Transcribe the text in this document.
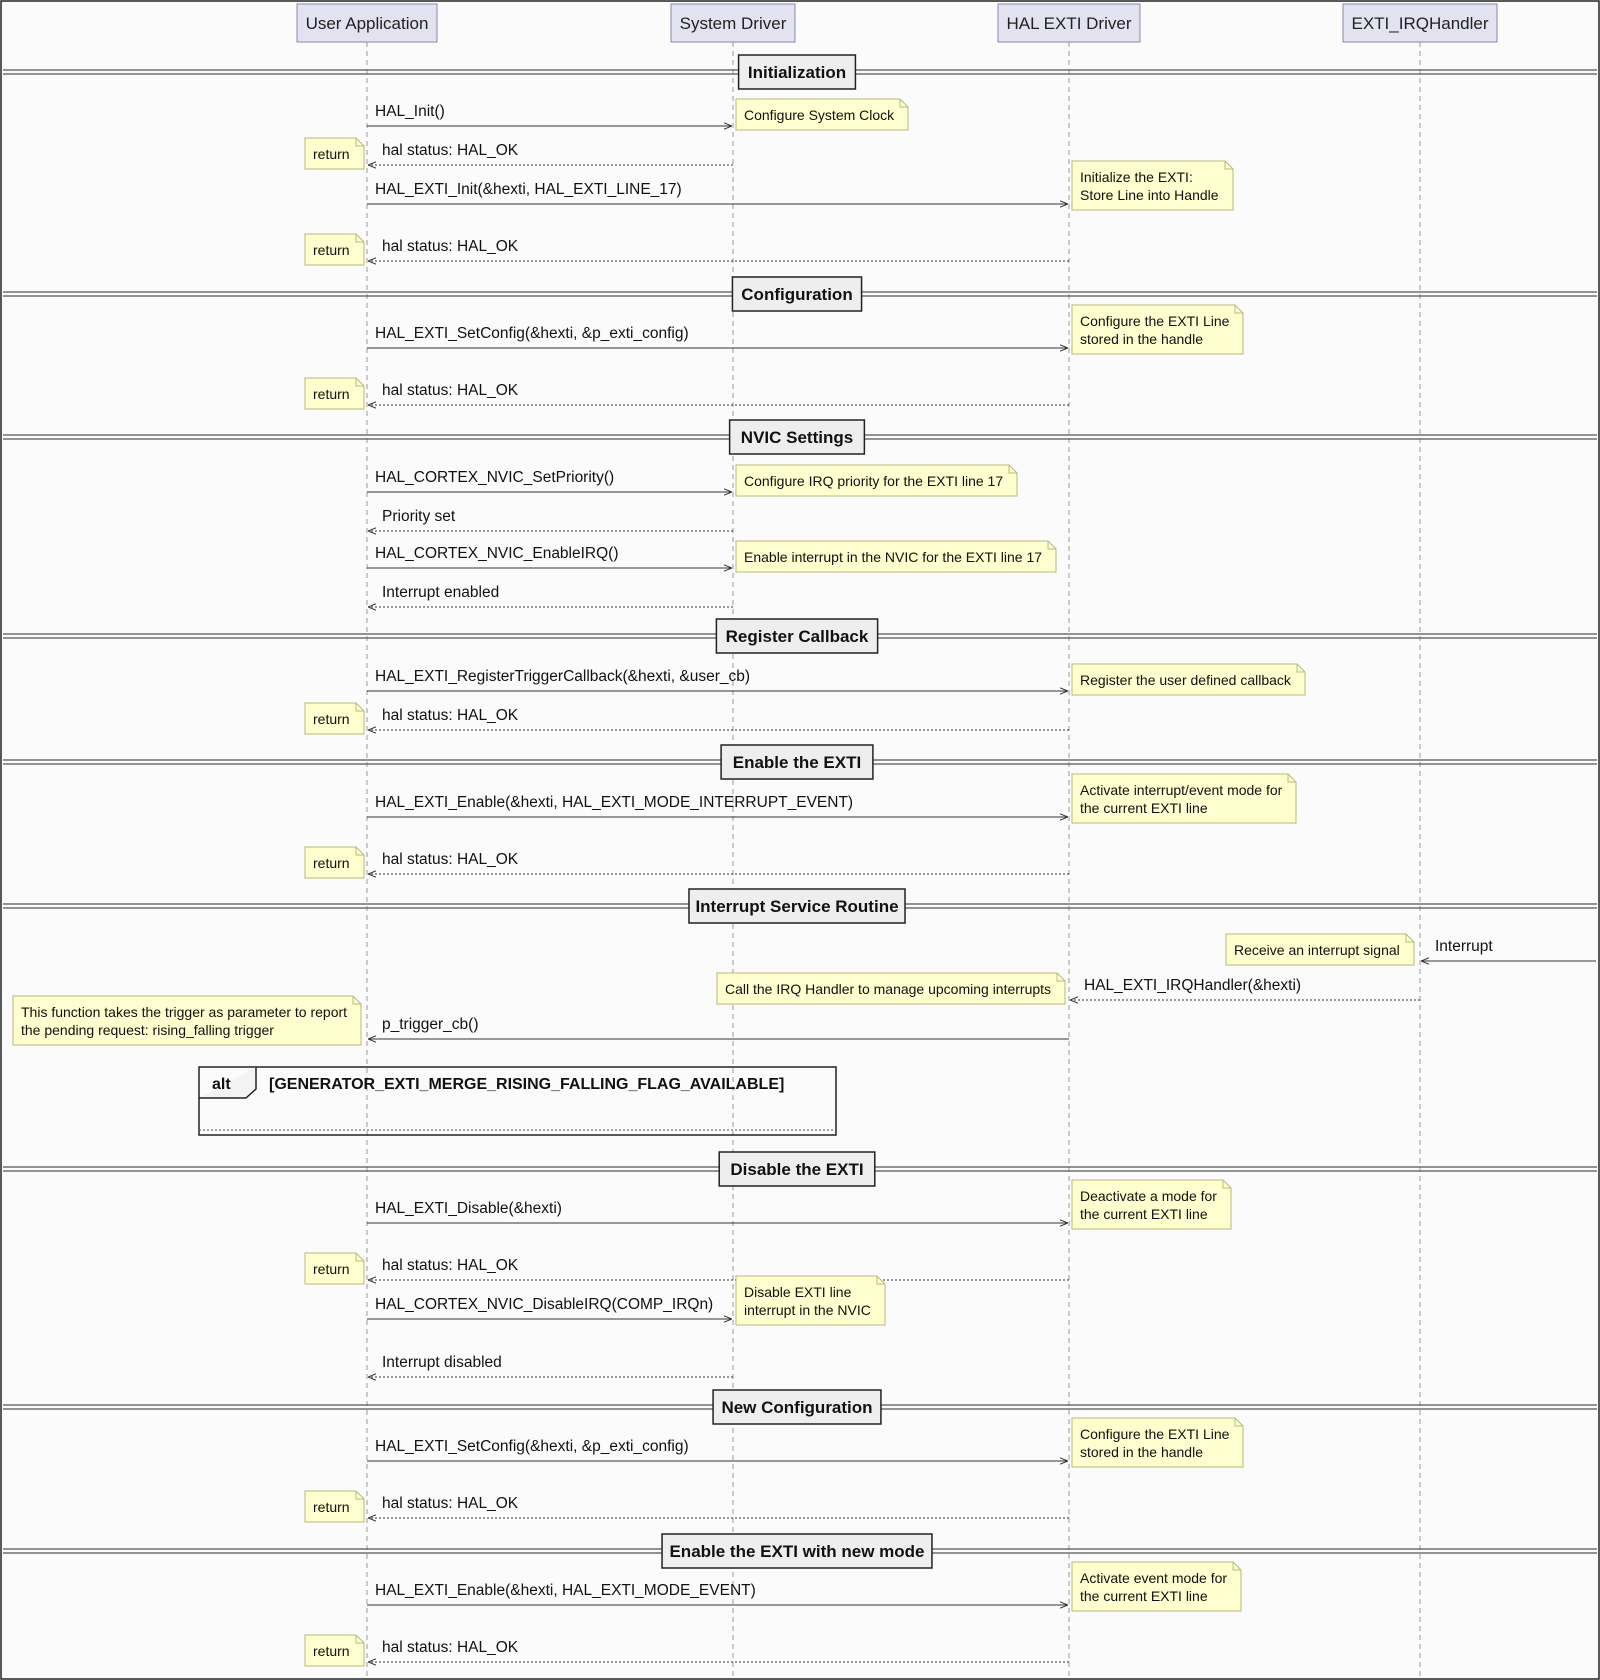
User Application	System Driver	HAL EXTI Driver	EXTI_IRQHandler
Initialization
HAL_Init()	Configure System Clock
hal status: HAL_OK
return
HAL_EXTI_Init(&hexti, HAL_EXTI_LINE_17)
Initialize the EXTI:
Store Line into Handle
hal status: HAL_OK
return
Configuration
HAL_EXTI_SetConfig(&hexti, &p_exti_config)
Configure the EXTI Line
stored in the handle
hal status: HAL_OK
return
NVIC Settings
HAL_CORTEX_NVIC_SetPriority()	Configure IRQ priority for the EXTI line 17
Priority set
HAL_CORTEX_NVIC_EnableIRQ()	Enable interrupt in the NVIC for the EXTI line 17
Interrupt enabled
Register Callback
HAL_EXTI_RegisterTriggerCallback(&hexti, &user_cb)	Register the user defined callback
hal status: HAL_OK
return
Enable the EXTI
HAL_EXTI_Enable(&hexti, HAL_EXTI_MODE_INTERRUPT_EVENT)
Activate interrupt/event mode for
the current EXTI line
hal status: HAL_OK
return
Interrupt Service Routine
Interrupt
Receive an interrupt signal
HAL_EXTI_IRQHandler(&hexti)
Call the IRQ Handler to manage upcoming interrupts
p_trigger_cb()
This function takes the trigger as parameter to report
the pending request: rising_falling trigger
alt [GENERATOR_EXTI_MERGE_RISING_FALLING_FLAG_AVAILABLE]
Disable the EXTI
HAL_EXTI_Disable(&hexti)
Deactivate a mode for
the current EXTI line
hal status: HAL_OK
return
HAL_CORTEX_NVIC_DisableIRQ(COMP_IRQn)
Disable EXTI line
interrupt in the NVIC
Interrupt disabled
New Configuration
HAL_EXTI_SetConfig(&hexti, &p_exti_config)
Configure the EXTI Line
stored in the handle
hal status: HAL_OK
return
Enable the EXTI with new mode
HAL_EXTI_Enable(&hexti, HAL_EXTI_MODE_EVENT)
Activate event mode for
the current EXTI line
hal status: HAL_OK
return
